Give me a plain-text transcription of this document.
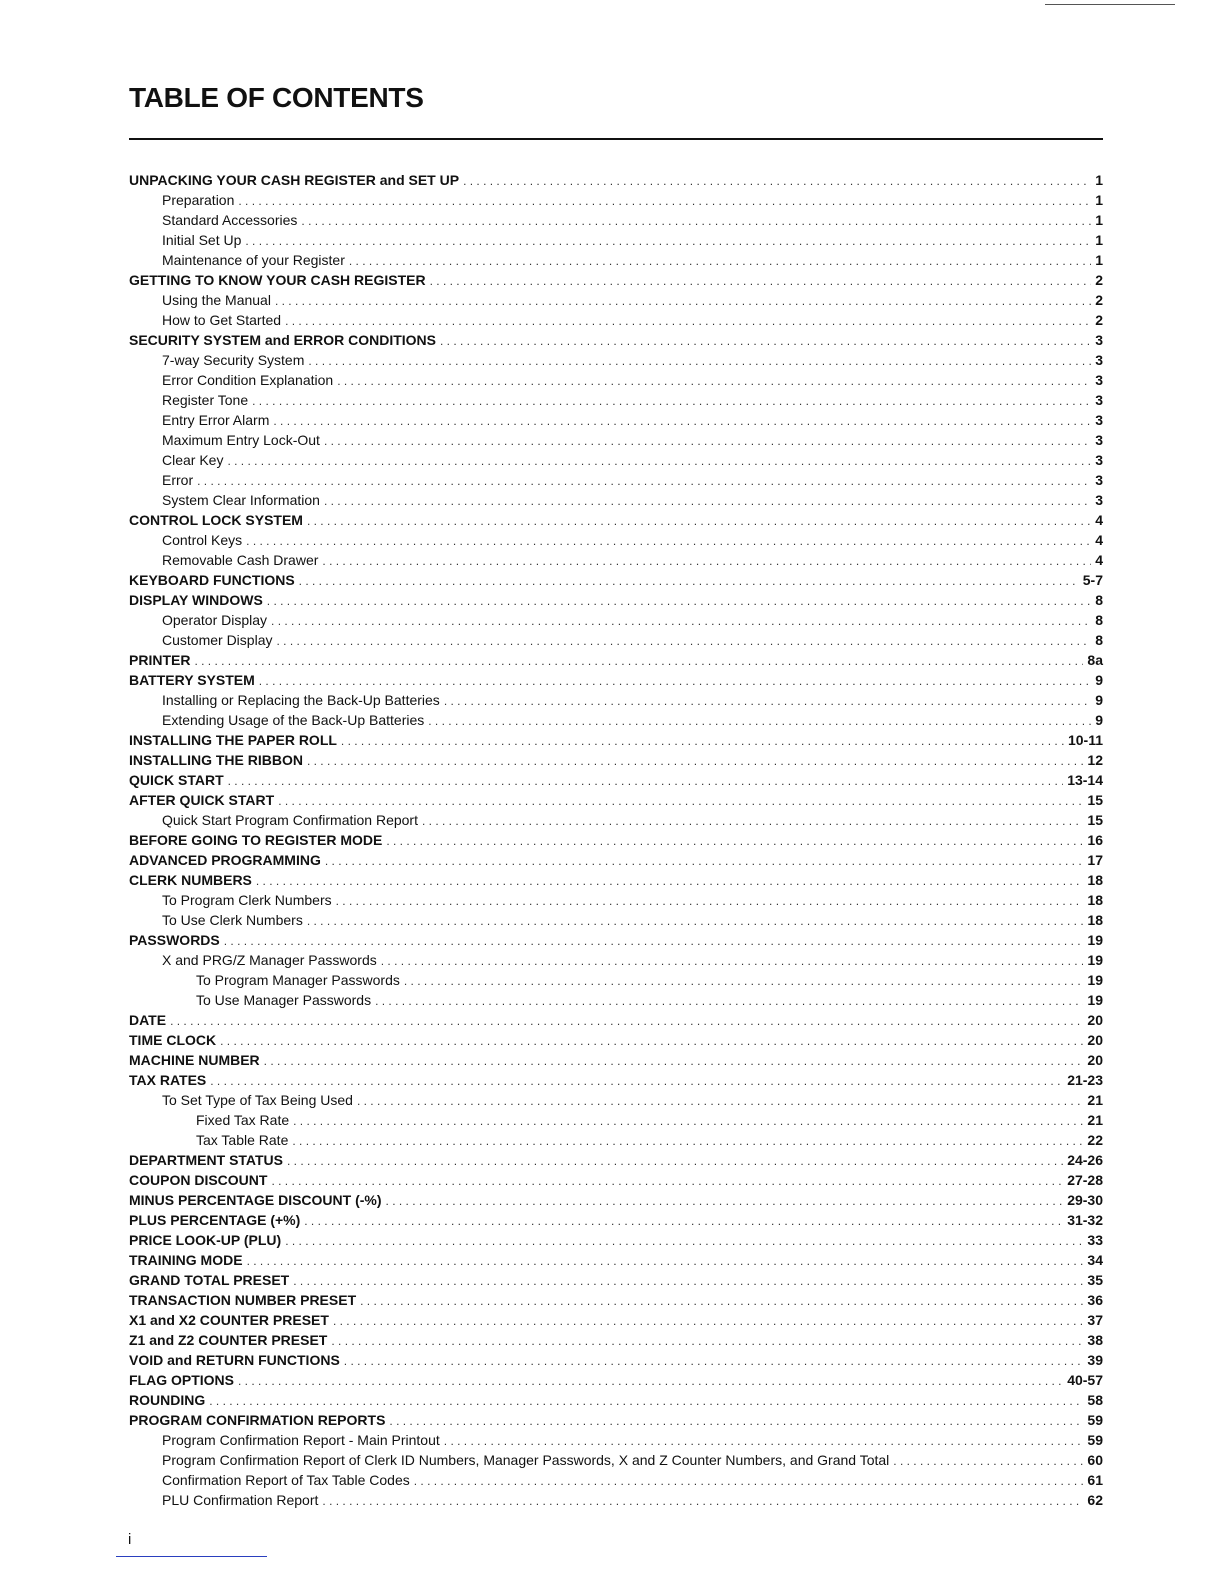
TABLE OF CONTENTS
UNPACKING YOUR CASH REGISTER and SET UP . . .	1
Preparation . . .	1
Standard Accessories . . .	1
Initial Set Up . . .	1
Maintenance of your Register . . .	1
GETTING TO KNOW YOUR CASH REGISTER . . .	2
Using the Manual . . .	2
How to Get Started . . .	2
SECURITY SYSTEM and ERROR CONDITIONS . . .	3
7-way Security System . . .	3
Error Condition Explanation . . .	3
Register Tone . . .	3
Entry Error Alarm . . .	3
Maximum Entry Lock-Out . . .	3
Clear Key . . .	3
Error . . .	3
System Clear Information . . .	3
CONTROL LOCK SYSTEM . . .	4
Control Keys . . .	4
Removable Cash Drawer . . .	4
KEYBOARD FUNCTIONS . . .	5-7
DISPLAY WINDOWS . . .	8
Operator Display . . .	8
Customer Display . . .	8
PRINTER . . .	8a
BATTERY SYSTEM . . .	9
Installing or Replacing the Back-Up Batteries . . .	9
Extending Usage of the Back-Up Batteries . . .	9
INSTALLING THE PAPER ROLL . . .	10-11
INSTALLING THE RIBBON . . .	12
QUICK START . . .	13-14
AFTER QUICK START . . .	15
Quick Start Program Confirmation Report . . .	15
BEFORE GOING TO REGISTER MODE . . .	16
ADVANCED PROGRAMMING . . .	17
CLERK NUMBERS . . .	18
To Program Clerk Numbers . . .	18
To Use Clerk Numbers . . .	18
PASSWORDS . . .	19
X and PRG/Z Manager Passwords . . .	19
To Program Manager Passwords . . .	19
To Use Manager Passwords . . .	19
DATE . . .	20
TIME CLOCK . . .	20
MACHINE NUMBER . . .	20
TAX RATES . . .	21-23
To Set Type of Tax Being Used . . .	21
Fixed Tax Rate . . .	21
Tax Table Rate . . .	22
DEPARTMENT STATUS . . .	24-26
COUPON DISCOUNT . . .	27-28
MINUS PERCENTAGE DISCOUNT (-%) . . .	29-30
PLUS PERCENTAGE (+%) . . .	31-32
PRICE LOOK-UP (PLU) . . .	33
TRAINING MODE . . .	34
GRAND TOTAL PRESET . . .	35
TRANSACTION NUMBER PRESET . . .	36
X1 and X2 COUNTER PRESET . . .	37
Z1 and Z2 COUNTER PRESET . . .	38
VOID and RETURN FUNCTIONS . . .	39
FLAG OPTIONS . . .	40-57
ROUNDING . . .	58
PROGRAM CONFIRMATION REPORTS . . .	59
Program Confirmation Report - Main Printout . . .	59
Program Confirmation Report of Clerk ID Numbers, Manager Passwords, X and Z Counter Numbers, and Grand Total . . .	60
Confirmation Report of Tax Table Codes . . .	61
PLU Confirmation Report . . .	62
i
